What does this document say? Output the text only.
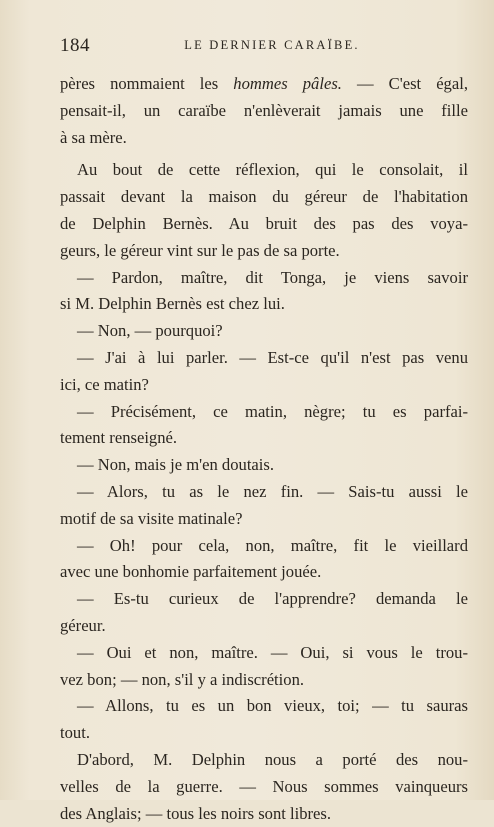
184	LE DERNIER CARAÏBE.
pères nommaient les hommes pâles. — C'est égal,
pensait-il, un caraïbe n'enlèverait jamais une fille
à sa mère.
Au bout de cette réflexion, qui le consolait, il
passait devant la maison du géreur de l'habitation
de Delphin Bernès. Au bruit des pas des voya-
geurs, le géreur vint sur le pas de sa porte.
— Pardon, maître, dit Tonga, je viens savoir
si M. Delphin Bernès est chez lui.
— Non, — pourquoi?
— J'ai à lui parler. — Est-ce qu'il n'est pas venu
ici, ce matin?
— Précisément, ce matin, nègre; tu es parfai-
tement renseigné.
— Non, mais je m'en doutais.
— Alors, tu as le nez fin. — Sais-tu aussi le
motif de sa visite matinale?
— Oh! pour cela, non, maître, fit le vieillard
avec une bonhomie parfaitement jouée.
— Es-tu curieux de l'apprendre? demanda le
géreur.
— Oui et non, maître. — Oui, si vous le trou-
vez bon; — non, s'il y a indiscrétion.
— Allons, tu es un bon vieux, toi; — tu sauras
tout.
D'abord, M. Delphin nous a porté des nou-
velles de la guerre. — Nous sommes vainqueurs
des Anglais; — tous les noirs sont libres.
